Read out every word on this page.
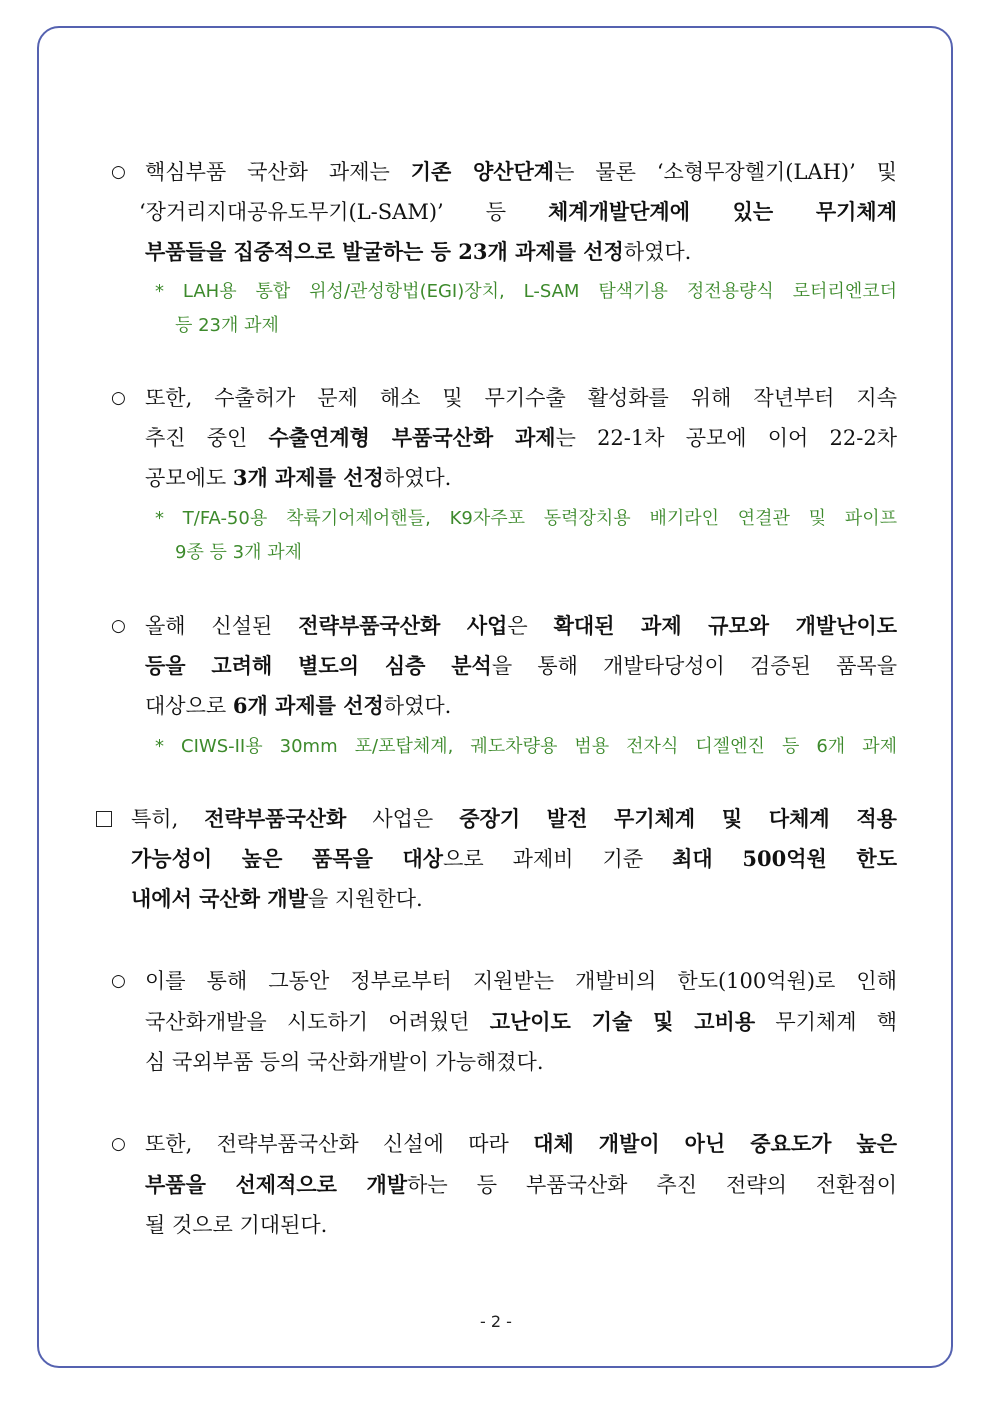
○ 핵심부품 국산화 과제는 기존 양산단계는 물론 ‘소형무장헬기(LAH)’ 및
‘장거리지대공유도무기(L-SAM)’ 등 체계개발단계에 있는 무기체계
부품들을 집중적으로 발굴하는 등 23개 과제를 선정하였다.
* LAH용 통합 위성/관성항법(EGI)장치, L-SAM 탐색기용 정전용량식 로터리엔코더
등 23개 과제
○ 또한, 수출허가 문제 해소 및 무기수출 활성화를 위해 작년부터 지속
추진 중인 수출연계형 부품국산화 과제는 22-1차 공모에 이어 22-2차
공모에도 3개 과제를 선정하였다.
* T/FA-50용 착륙기어제어핸들, K9자주포 동력장치용 배기라인 연결관 및 파이프
9종 등 3개 과제
○ 올해 신설된 전략부품국산화 사업은 확대된 과제 규모와 개발난이도
등을 고려해 별도의 심층 분석을 통해 개발타당성이 검증된 품목을
대상으로 6개 과제를 선정하였다.
* CIWS-II용 30mm 포/포탑체계, 궤도차량용 범용 전자식 디젤엔진 등 6개 과제
특히, 전략부품국산화 사업은 중장기 발전 무기체계 및 다체계 적용
가능성이 높은 품목을 대상으로 과제비 기준 최대 500억원 한도
내에서 국산화 개발을 지원한다.
○ 이를 통해 그동안 정부로부터 지원받는 개발비의 한도(100억원)로 인해
국산화개발을 시도하기 어려웠던 고난이도 기술 및 고비용 무기체계 핵
심 국외부품 등의 국산화개발이 가능해졌다.
○ 또한, 전략부품국산화 신설에 따라 대체 개발이 아닌 중요도가 높은
부품을 선제적으로 개발하는 등 부품국산화 추진 전략의 전환점이
될 것으로 기대된다.
- 2 -
